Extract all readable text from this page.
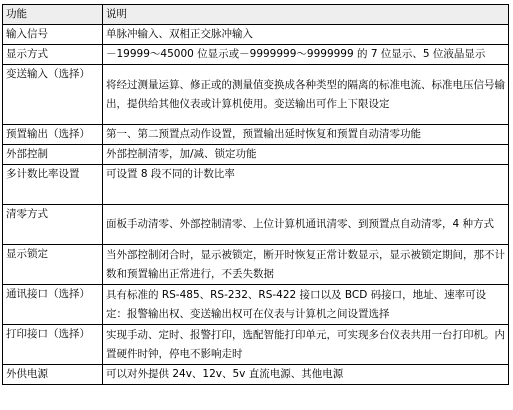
功能	说明
输入信号	单脉冲输入、双相正交脉冲输入
显示方式	－19999～45000 位显示或－9999999～9999999 的 7 位显示、5 位液晶显示
变送输入（选择）	将经过测量运算、修正或的测量值变换成各种类型的隔离的标准电流、标准电压信号输出，提供给其他仪表或计算机使用。变送输出可作上下限设定
预置输出（选择）	第一、第二预置点动作设置，预置输出延时恢复和预置自动清零功能
外部控制	外部控制清零，加/减、锁定功能
多计数比率设置	可设置 8 段不同的计数比率
清零方式	面板手动清零、外部控制清零、上位计算机通讯清零、到预置点自动清零，4 种方式
显示锁定	当外部控制闭合时，显示被锁定，断开时恢复正常计数显示，显示被锁定期间，那不计数和预置输出正常进行，不丢失数据
通讯接口（选择）	具有标准的 RS-485、RS-232、RS-422 接口以及 BCD 码接口，地址、速率可设定：报警输出权、变送输出权可在仪表与计算机之间设置选择
打印接口（选择）	实现手动、定时、报警打印，选配智能打印单元，可实现多台仪表共用一台打印机。内置硬件时钟，停电不影响走时
外供电源	可以对外提供 24v、12v、5v 直流电源、其他电源
